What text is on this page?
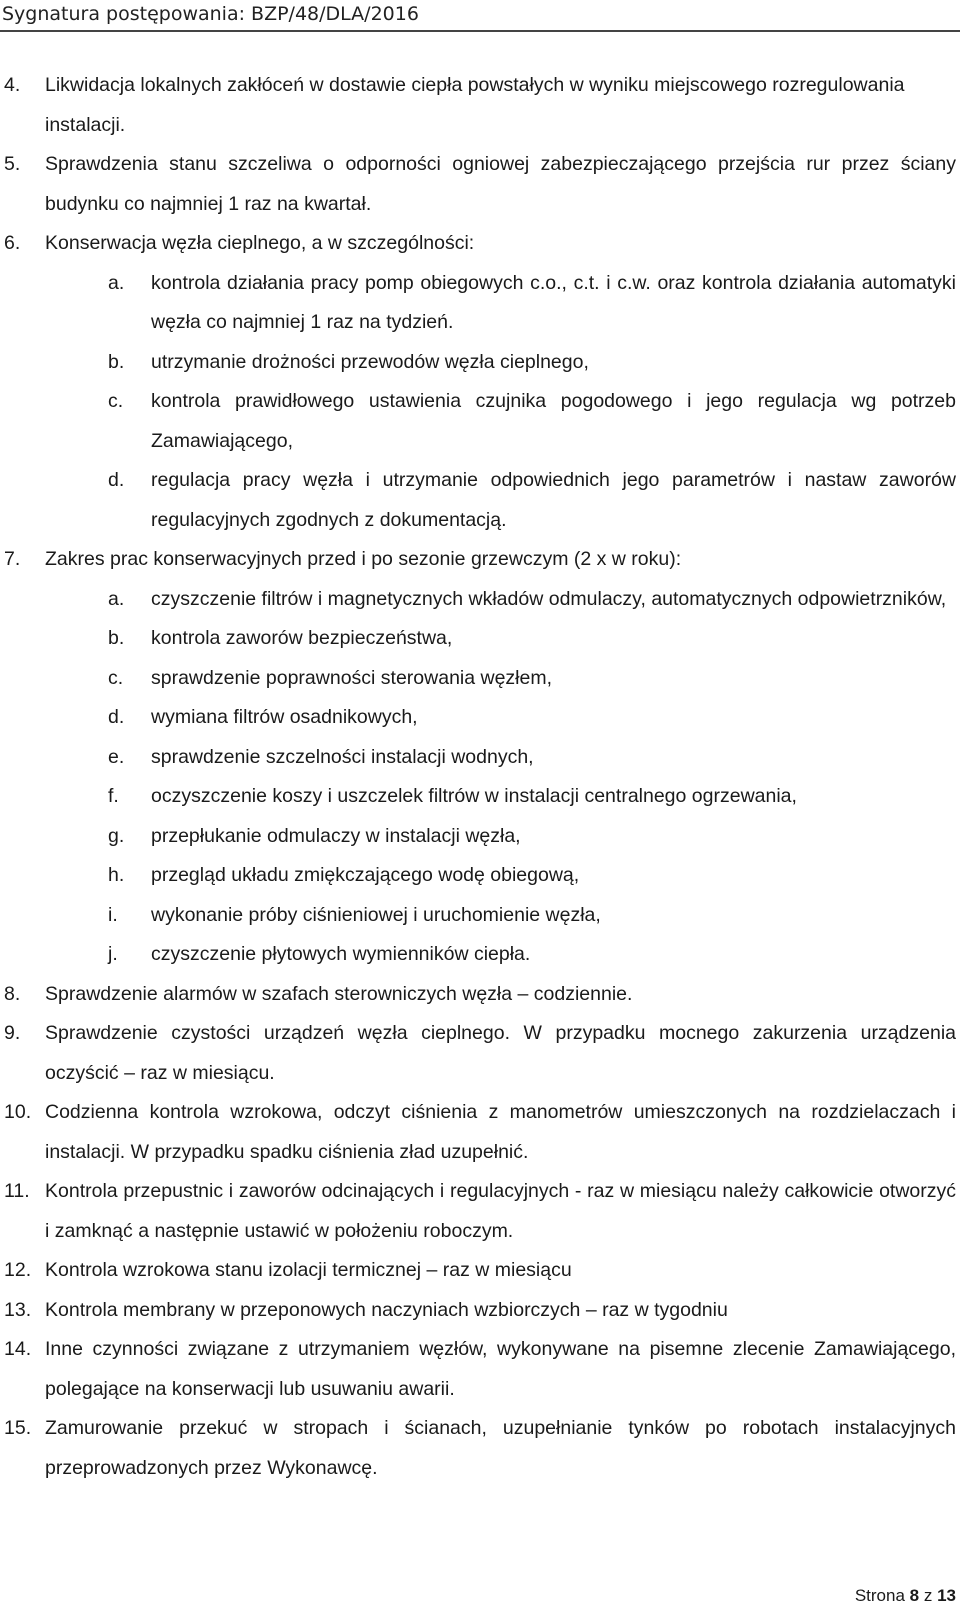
Sygnatura postępowania: BZP/48/DLA/2016
4. Likwidacja lokalnych zakłóceń w dostawie ciepła powstałych w wyniku miejscowego rozregulowania instalacji.
5. Sprawdzenia stanu szczeliwa o odporności ogniowej zabezpieczającego przejścia rur przez ściany budynku co najmniej 1 raz na kwartał.
6. Konserwacja węzła cieplnego, a w szczególności:
a. kontrola działania pracy pomp obiegowych c.o., c.t. i c.w. oraz kontrola działania automatyki węzła co najmniej 1 raz na tydzień.
b. utrzymanie drożności przewodów węzła cieplnego,
c. kontrola prawidłowego ustawienia czujnika pogodowego i jego regulacja wg potrzeb Zamawiającego,
d. regulacja pracy węzła i utrzymanie odpowiednich jego parametrów i nastaw zaworów regulacyjnych zgodnych z dokumentacją.
7. Zakres prac konserwacyjnych przed i po sezonie grzewczym (2 x w roku):
a. czyszczenie filtrów i magnetycznych wkładów odmulaczy, automatycznych odpowietrzników,
b. kontrola zaworów bezpieczeństwa,
c. sprawdzenie poprawności sterowania węzłem,
d. wymiana filtrów osadnikowych,
e. sprawdzenie szczelności instalacji wodnych,
f. oczyszczenie koszy i uszczelek filtrów w instalacji centralnego ogrzewania,
g. przepłukanie odmulaczy w instalacji węzła,
h. przegląd układu zmiękczającego wodę obiegową,
i. wykonanie próby ciśnieniowej i uruchomienie węzła,
j. czyszczenie płytowych wymienników ciepła.
8. Sprawdzenie alarmów w szafach sterowniczych węzła – codziennie.
9. Sprawdzenie czystości urządzeń węzła cieplnego. W przypadku mocnego zakurzenia urządzenia oczyścić – raz w miesiącu.
10. Codzienna kontrola wzrokowa, odczyt ciśnienia z manometrów umieszczonych na rozdzielaczach i instalacji. W przypadku spadku ciśnienia zład uzupełnić.
11. Kontrola przepustnic i zaworów odcinających i regulacyjnych - raz w miesiącu należy całkowicie otworzyć i zamknąć a następnie ustawić w położeniu roboczym.
12. Kontrola wzrokowa stanu izolacji termicznej – raz w miesiącu
13. Kontrola membrany w przeponowych naczyniach wzbiorczych – raz w tygodniu
14. Inne czynności związane z utrzymaniem węzłów, wykonywane na pisemne zlecenie Zamawiającego, polegające na konserwacji lub usuwaniu awarii.
15. Zamurowanie przekuć w stropach i ścianach, uzupełnianie tynków po robotach instalacyjnych przeprowadzonych przez Wykonawcę.
Strona 8 z 13
